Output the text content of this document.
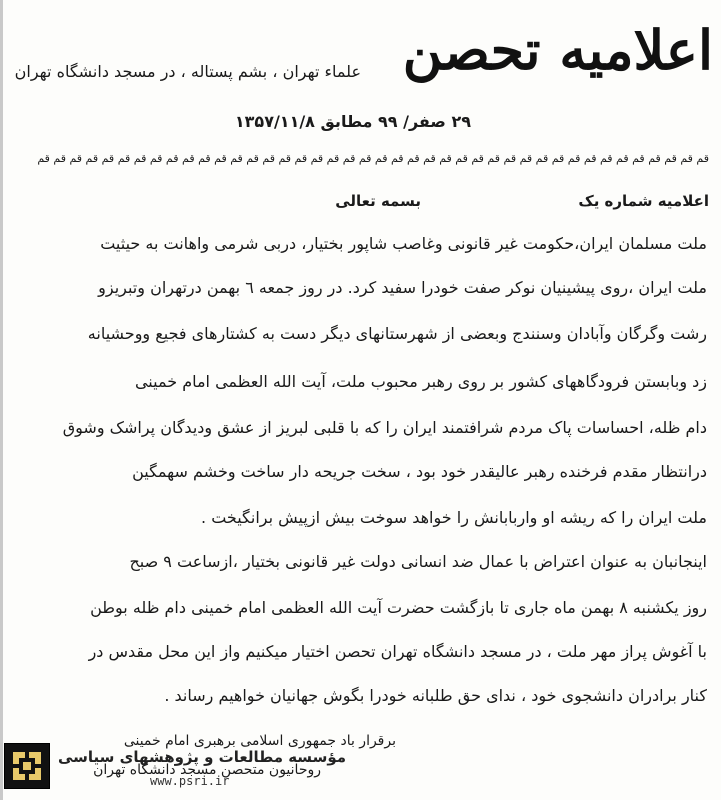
اعلامیه تحصن
علماء تهران ، بشم پستاله ، در مسجد دانشگاه تهران
۲۹ صفر/ ۹۹ مطابق ۱۳۵۷/۱۱/۸
قم قم قم قم قم قم قم قم قم قم قم قم قم قم قم قم قم قم قم قم قم قم قم قم قم قم قم قم قم قم قم قم قم قم قم قم قم قم قم قم قم قم
اعلامیه شماره یک
بسمه تعالی
ملت مسلمان ایران،حکومت غیر قانونی وغاصب شاپور بختیار، دربی شرمی واهانت به حیثیت
ملت ایران ،روی پیشینیان نوکر صفت خودرا سفید کرد. در روز جمعه ٦ بهمن درتهران وتبریزو
رشت وگرگان وآبادان وسنندج وبعضی از شهرستانهای دیگر دست به کشتارهای فجیع ووحشیانه
زد وبابستن فرودگاههای کشور بر روی رهبر محبوب ملت، آیت الله العظمی امام خمینی
دام ظله، احساسات پاک مردم شرافتمند ایران را که با قلبی لبریز از عشق ودیدگان پراشک وشوق
درانتظار مقدم فرخنده رهبر عالیقدر خود بود ، سخت جریحه دار ساخت وخشم سهمگین
ملت ایران را که ریشه او واربابانش را خواهد سوخت بیش ازپیش برانگیخت .
اینجانبان به عنوان اعتراض با عمال ضد انسانی دولت غیر قانونی بختیار ،ازساعت ۹ صبح
روز یکشنبه ۸ بهمن ماه جاری تا بازگشت حضرت آیت الله العظمی امام خمینی دام ظله بوطن
با آغوش پراز مهر ملت ، در مسجد دانشگاه تهران تحصن اختیار میکنیم واز این محل مقدس در
کنار برادران دانشجوی خود ، ندای حق طلبانه خودرا بگوش جهانیان خواهیم رساند .
برقرار باد جمهوری اسلامی برهبری امام خمینی
روحانیون متحصن مسجد دانشگاه تهران
مؤسسه مطالعات و پژوهشهای سیاسی
www.psri.ir
